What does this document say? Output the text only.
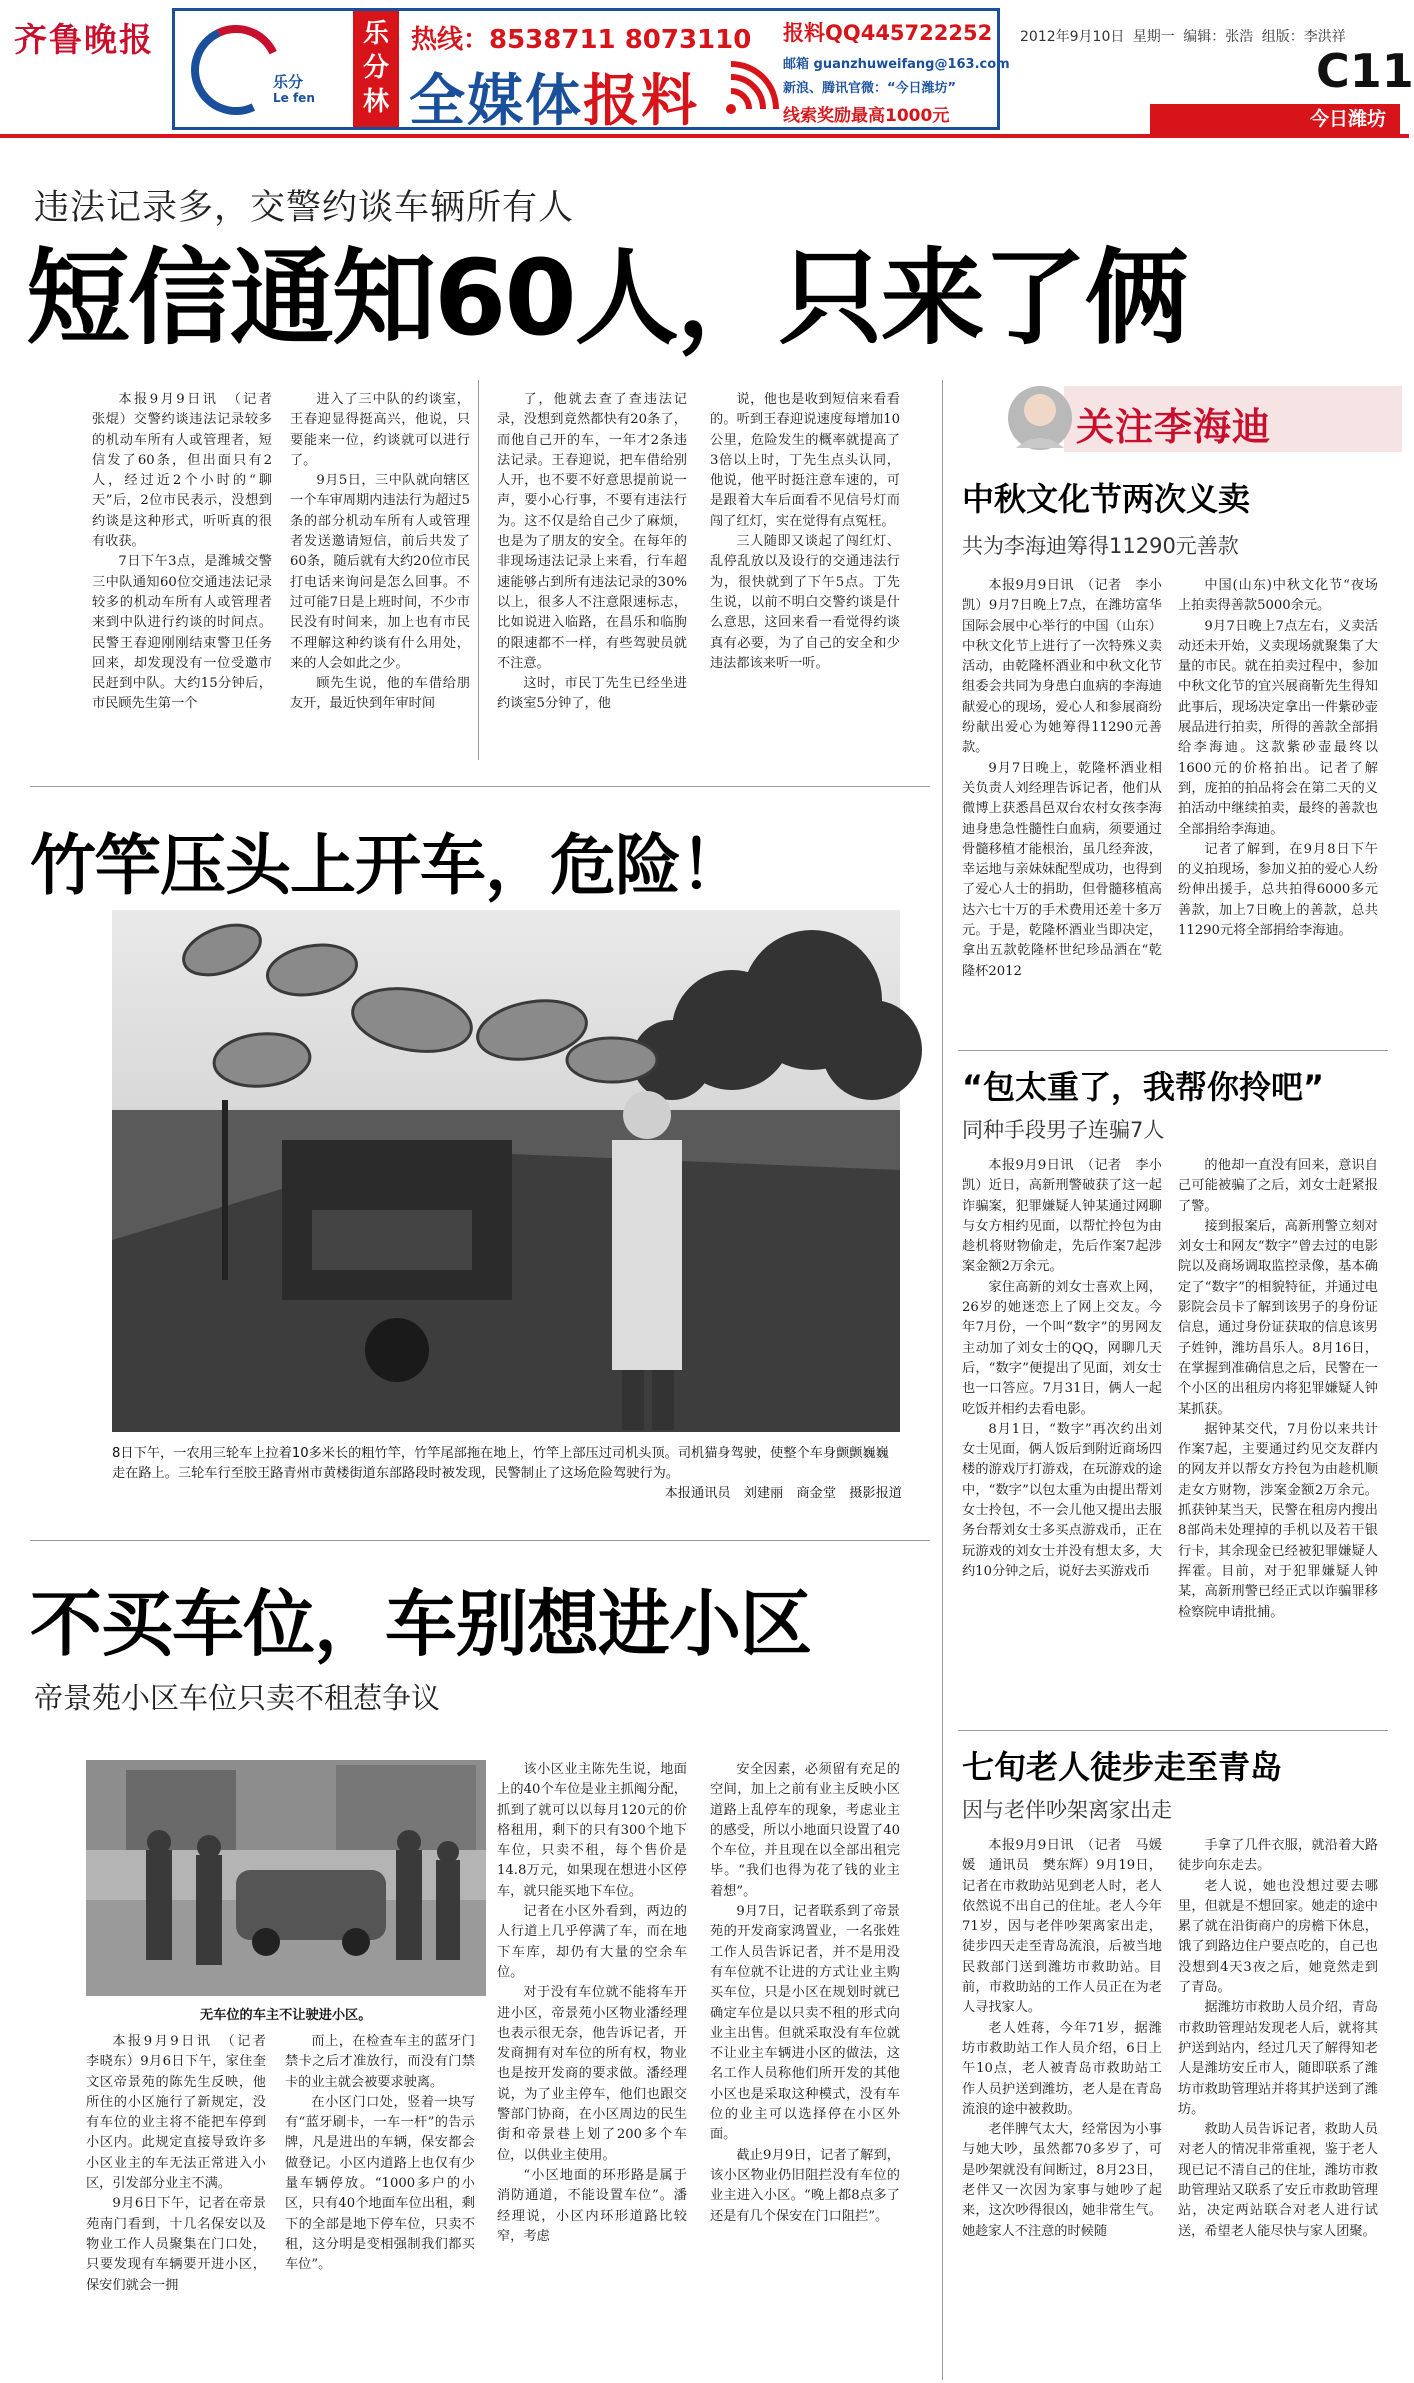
齐鲁晚报
乐分
Le fen
乐分林
热线：8538711 8073110
全媒体报料
报料QQ445722252
邮箱 guanzhuweifang@163.com
新浪、腾讯官微：“今日潍坊”
线索奖励最高1000元
2012年9月10日 星期一 编辑：张浩 组版：李洪祥
C11
今日潍坊
违法记录多，交警约谈车辆所有人
短信通知60人，只来了俩

本报9月9日讯　（记者　张焜）交警约谈违法记录较多的机动车所有人或管理者，短信发了60条，但出面只有2人，经过近2个小时的“聊天”后，2位市民表示，没想到约谈是这种形式，听听真的很有收获。

7日下午3点，是潍城交警三中队通知60位交通违法记录较多的机动车所有人或管理者来到中队进行约谈的时间点。民警王春迎刚刚结束警卫任务回来，却发现没有一位受邀市民赶到中队。大约15分钟后，市民顾先生第一个

进入了三中队的约谈室，王春迎显得挺高兴，他说，只要能来一位，约谈就可以进行了。

9月5日，三中队就向辖区一个车审周期内违法行为超过5条的部分机动车所有人或管理者发送邀请短信，前后共发了60条，随后就有大约20位市民打电话来询问是怎么回事。不过可能7日是上班时间，不少市民没有时间来，加上也有市民不理解这种约谈有什么用处，来的人会如此之少。

顾先生说，他的车借给朋友开，最近快到年审时间

了，他就去查了查违法记录，没想到竟然都快有20条了，而他自己开的车，一年才2条违法记录。王春迎说，把车借给别人开，也不要不好意思提前说一声，要小心行事，不要有违法行为。这不仅是给自己少了麻烦，也是为了朋友的安全。在每年的非现场违法记录上来看，行车超速能够占到所有违法记录的30%以上，很多人不注意限速标志，比如说进入临路，在昌乐和临朐的限速都不一样，有些驾驶员就不注意。

这时，市民丁先生已经坐进约谈室5分钟了，他

说，他也是收到短信来看看的。听到王春迎说速度每增加10公里，危险发生的概率就提高了3倍以上时，丁先生点头认同，他说，他平时挺注意车速的，可是跟着大车后面看不见信号灯而闯了红灯，实在觉得有点冤枉。

三人随即又谈起了闯红灯、乱停乱放以及设行的交通违法行为，很快就到了下午5点。丁先生说，以前不明白交警约谈是什么意思，这回来看一看觉得约谈真有必要，为了自己的安全和少违法都该来听一听。

竹竿压头上开车，危险！
8日下午，一农用三轮车上拉着10多米长的粗竹竿，竹竿尾部拖在地上，竹竿上部压过司机头顶。司机猫身驾驶，使整个车身颤颤巍巍走在路上。三轮车行至胶王路青州市黄楼街道东部路段时被发现，民警制止了这场危险驾驶行为。
本报通讯员　刘建丽　商金堂　摄影报道
不买车位，车别想进小区
帝景苑小区车位只卖不租惹争议
无车位的车主不让驶进小区。

本报9月9日讯　（记者　李晓东）9月6日下午，家住奎文区帝景苑的陈先生反映，他所住的小区施行了新规定，没有车位的业主将不能把车停到小区内。此规定直接导致许多小区业主的车无法正常进入小区，引发部分业主不满。

9月6日下午，记者在帝景苑南门看到，十几名保安以及物业工作人员聚集在门口处，只要发现有车辆要开进小区，保安们就会一拥

而上，在检查车主的蓝牙门禁卡之后才准放行，而没有门禁卡的业主就会被要求驶离。

在小区门口处，竖着一块写有“蓝牙刷卡，一车一杆”的告示牌，凡是进出的车辆，保安都会做登记。小区内道路上也仅有少量车辆停放。“1000多户的小区，只有40个地面车位出租，剩下的全部是地下停车位，只卖不租，这分明是变相强制我们都买车位”。

该小区业主陈先生说，地面上的40个车位是业主抓阄分配，抓到了就可以以每月120元的价格租用，剩下的只有300个地下车位，只卖不租，每个售价是14.8万元，如果现在想进小区停车，就只能买地下车位。

记者在小区外看到，两边的人行道上几乎停满了车，而在地下车库，却仍有大量的空余车位。

对于没有车位就不能将车开进小区，帝景苑小区物业潘经理也表示很无奈，他告诉记者，开发商拥有对车位的所有权，物业也是按开发商的要求做。潘经理说，为了业主停车，他们也跟交警部门协商，在小区周边的民生街和帝景巷上划了200多个车位，以供业主使用。

“小区地面的环形路是属于消防通道，不能设置车位”。潘经理说，小区内环形道路比较窄，考虑

安全因素，必须留有充足的空间，加上之前有业主反映小区道路上乱停车的现象，考虑业主的感受，所以小地面只设置了40个车位，并且现在以全部出租完毕。“我们也得为花了钱的业主着想”。

9月7日，记者联系到了帝景苑的开发商家鸿置业，一名张姓工作人员告诉记者，并不是用没有车位就不让进的方式让业主购买车位，只是小区在规划时就已确定车位是以只卖不租的形式向业主出售。但就采取没有车位就不让业主车辆进小区的做法，这名工作人员称他们所开发的其他小区也是采取这种模式，没有车位的业主可以选择停在小区外面。

截止9月9日，记者了解到，该小区物业仍旧阻拦没有车位的业主进入小区。“晚上都8点多了还是有几个保安在门口阻拦”。

关注李海迪
中秋文化节两次义卖
共为李海迪筹得11290元善款

本报9月9日讯　（记者　李小凯）9月7日晚上7点，在潍坊富华国际会展中心举行的中国（山东）中秋文化节上进行了一次特殊义卖活动，由乾隆杯酒业和中秋文化节组委会共同为身患白血病的李海迪献爱心的现场，爱心人和参展商纷纷献出爱心为她筹得11290元善款。

9月7日晚上，乾隆杯酒业相关负责人刘经理告诉记者，他们从微博上获悉昌邑双台农村女孩李海迪身患急性髓性白血病，须要通过骨髓移植才能根治，虽几经奔波，幸运地与亲妹妹配型成功，也得到了爱心人士的捐助，但骨髓移植高达六七十万的手术费用还差十多万元。于是，乾隆杯酒业当即决定，拿出五款乾隆杯世纪珍品酒在“乾隆杯2012

中国(山东)中秋文化节“夜场上拍卖得善款5000余元。

9月7日晚上7点左右，义卖活动还未开始，义卖现场就聚集了大量的市民。就在拍卖过程中，参加中秋文化节的宜兴展商靳先生得知此事后，现场决定拿出一件紫砂壶展品进行拍卖，所得的善款全部捐给李海迪。这款紫砂壶最终以1600元的价格拍出。记者了解到，庞拍的拍品将会在第二天的义拍活动中继续拍卖，最终的善款也全部捐给李海迪。

记者了解到，在9月8日下午的义拍现场，参加义拍的爱心人纷纷伸出援手，总共拍得6000多元善款，加上7日晚上的善款，总共11290元将全部捐给李海迪。

“包太重了，我帮你拎吧”
同种手段男子连骗7人

本报9月9日讯　（记者　李小凯）近日，高新刑警破获了这一起诈骗案，犯罪嫌疑人钟某通过网聊与女方相约见面，以帮忙拎包为由趁机将财物偷走，先后作案7起涉案金额2万余元。

家住高新的刘女士喜欢上网，26岁的她迷恋上了网上交友。今年7月份，一个叫“数字”的男网友主动加了刘女士的QQ，网聊几天后，“数字”便提出了见面，刘女士也一口答应。7月31日，俩人一起吃饭并相约去看电影。

8月1日，“数字”再次约出刘女士见面，俩人饭后到附近商场四楼的游戏厅打游戏，在玩游戏的途中，“数字”以包太重为由提出帮刘女士拎包，不一会儿他又提出去服务台帮刘女士多买点游戏币，正在玩游戏的刘女士并没有想太多，大约10分钟之后，说好去买游戏币

的他却一直没有回来，意识自己可能被骗了之后，刘女士赶紧报了警。

接到报案后，高新刑警立刻对刘女士和网友“数字”曾去过的电影院以及商场调取监控录像，基本确定了“数字”的相貌特征，并通过电影院会员卡了解到该男子的身份证信息，通过身份证获取的信息该男子姓钟，潍坊昌乐人。8月16日，在掌握到准确信息之后，民警在一个小区的出租房内将犯罪嫌疑人钟某抓获。

据钟某交代，7月份以来共计作案7起，主要通过约见交友群内的网友并以帮女方拎包为由趁机顺走女方财物，涉案金额2万余元。抓获钟某当天，民警在租房内搜出8部尚未处理掉的手机以及若干银行卡，其余现金已经被犯罪嫌疑人挥霍。目前，对于犯罪嫌疑人钟某，高新刑警已经正式以诈骗罪移检察院申请批捕。

七旬老人徒步走至青岛
因与老伴吵架离家出走

本报9月9日讯　（记者　马媛媛　通讯员　樊东辉）9月19日，记者在市救助站见到老人时，老人依然说不出自己的住址。老人今年71岁，因与老伴吵架离家出走，徒步四天走至青岛流浪，后被当地民救部门送到潍坊市救助站。目前，市救助站的工作人员正在为老人寻找家人。

老人姓蒋，今年71岁，据潍坊市救助站工作人员介绍，6日上午10点，老人被青岛市救助站工作人员护送到潍坊，老人是在青岛流浪的途中被救助。

老伴脾气太大，经常因为小事与她大吵，虽然都70多岁了，可是吵架就没有间断过，8月23日，老伴又一次因为家事与她吵了起来，这次吵得很凶，她非常生气。她趁家人不注意的时候随

手拿了几件衣服，就沿着大路徒步向东走去。

老人说，她也没想过要去哪里，但就是不想回家。她走的途中累了就在沿街商户的房檐下休息，饿了到路边住户要点吃的，自己也没想到4天3夜之后，她竟然走到了青岛。

据潍坊市救助人员介绍，青岛市救助管理站发现老人后，就将其护送到站内，经过几天了解得知老人是潍坊安丘市人，随即联系了潍坊市救助管理站并将其护送到了潍坊。

救助人员告诉记者，救助人员对老人的情况非常重视，鉴于老人现已记不清自己的住址，潍坊市救助管理站又联系了安丘市救助管理站，决定两站联合对老人进行试送，希望老人能尽快与家人团聚。
